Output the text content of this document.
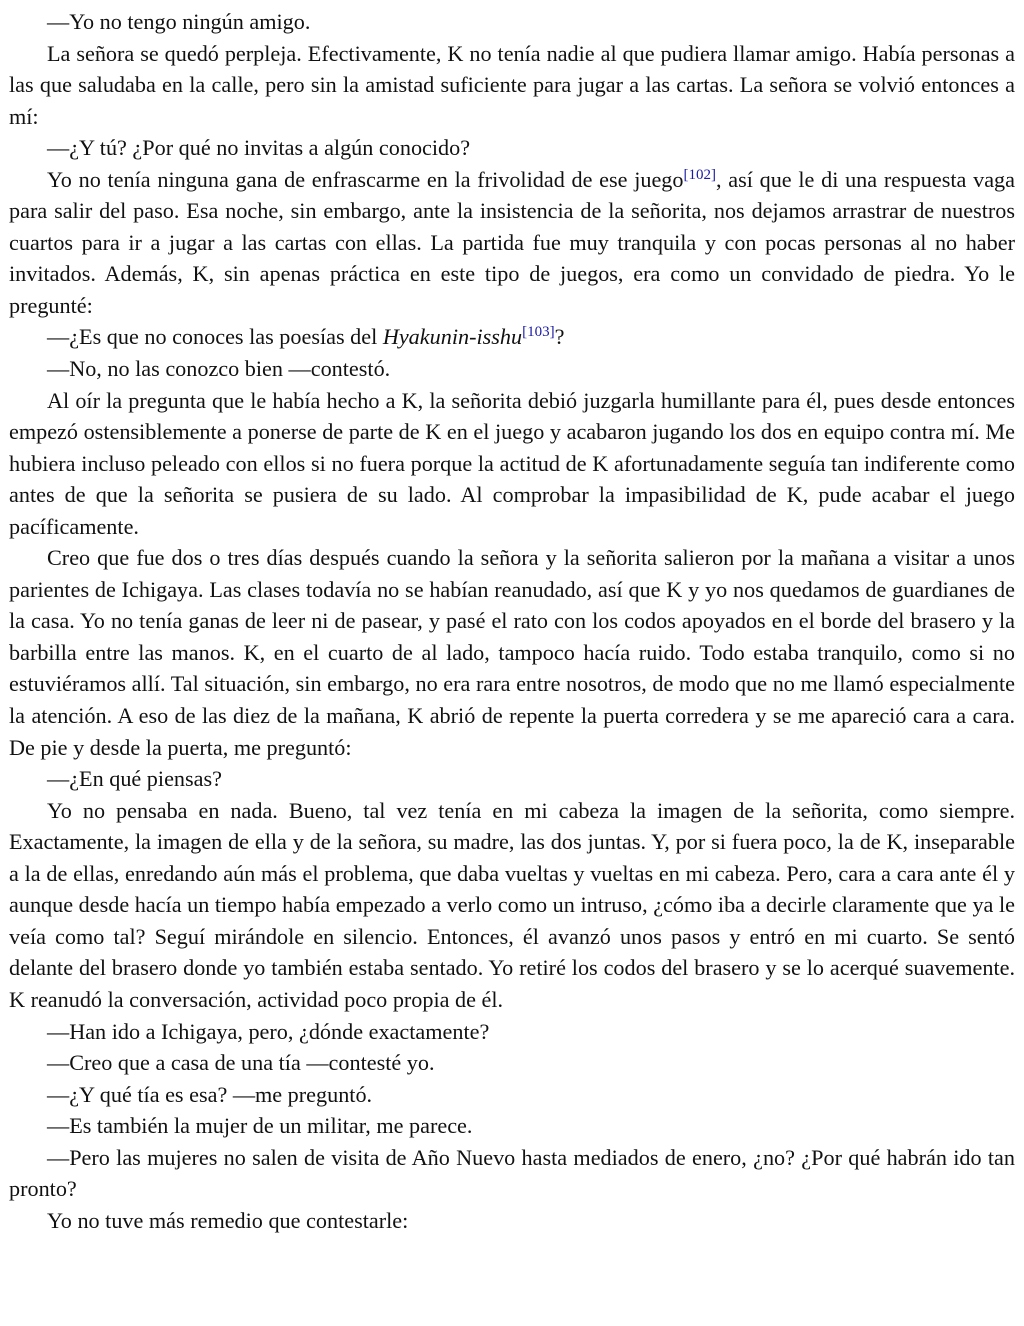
—Yo no tengo ningún amigo.

La señora se quedó perpleja. Efectivamente, K no tenía nadie al que pudiera llamar amigo. Había personas a las que saludaba en la calle, pero sin la amistad suficiente para jugar a las cartas. La señora se volvió entonces a mí:

—¿Y tú? ¿Por qué no invitas a algún conocido?

Yo no tenía ninguna gana de enfrascarme en la frivolidad de ese juego[102], así que le di una respuesta vaga para salir del paso. Esa noche, sin embargo, ante la insistencia de la señorita, nos dejamos arrastrar de nuestros cuartos para ir a jugar a las cartas con ellas. La partida fue muy tranquila y con pocas personas al no haber invitados. Además, K, sin apenas práctica en este tipo de juegos, era como un convidado de piedra. Yo le pregunté:

—¿Es que no conoces las poesías del Hyakunin-isshu[103]?

—No, no las conozco bien —contestó.

Al oír la pregunta que le había hecho a K, la señorita debió juzgarla humillante para él, pues desde entonces empezó ostensiblemente a ponerse de parte de K en el juego y acabaron jugando los dos en equipo contra mí. Me hubiera incluso peleado con ellos si no fuera porque la actitud de K afortunadamente seguía tan indiferente como antes de que la señorita se pusiera de su lado. Al comprobar la impasibilidad de K, pude acabar el juego pacíficamente.

Creo que fue dos o tres días después cuando la señora y la señorita salieron por la mañana a visitar a unos parientes de Ichigaya. Las clases todavía no se habían reanudado, así que K y yo nos quedamos de guardianes de la casa. Yo no tenía ganas de leer ni de pasear, y pasé el rato con los codos apoyados en el borde del brasero y la barbilla entre las manos. K, en el cuarto de al lado, tampoco hacía ruido. Todo estaba tranquilo, como si no estuviéramos allí. Tal situación, sin embargo, no era rara entre nosotros, de modo que no me llamó especialmente la atención. A eso de las diez de la mañana, K abrió de repente la puerta corredera y se me apareció cara a cara. De pie y desde la puerta, me preguntó:

—¿En qué piensas?

Yo no pensaba en nada. Bueno, tal vez tenía en mi cabeza la imagen de la señorita, como siempre. Exactamente, la imagen de ella y de la señora, su madre, las dos juntas. Y, por si fuera poco, la de K, inseparable a la de ellas, enredando aún más el problema, que daba vueltas y vueltas en mi cabeza. Pero, cara a cara ante él y aunque desde hacía un tiempo había empezado a verlo como un intruso, ¿cómo iba a decirle claramente que ya le veía como tal? Seguí mirándole en silencio. Entonces, él avanzó unos pasos y entró en mi cuarto. Se sentó delante del brasero donde yo también estaba sentado. Yo retiré los codos del brasero y se lo acerqué suavemente. K reanudó la conversación, actividad poco propia de él.

—Han ido a Ichigaya, pero, ¿dónde exactamente?

—Creo que a casa de una tía —contesté yo.

—¿Y qué tía es esa? —me preguntó.

—Es también la mujer de un militar, me parece.

—Pero las mujeres no salen de visita de Año Nuevo hasta mediados de enero, ¿no? ¿Por qué habrán ido tan pronto?

Yo no tuve más remedio que contestarle:
